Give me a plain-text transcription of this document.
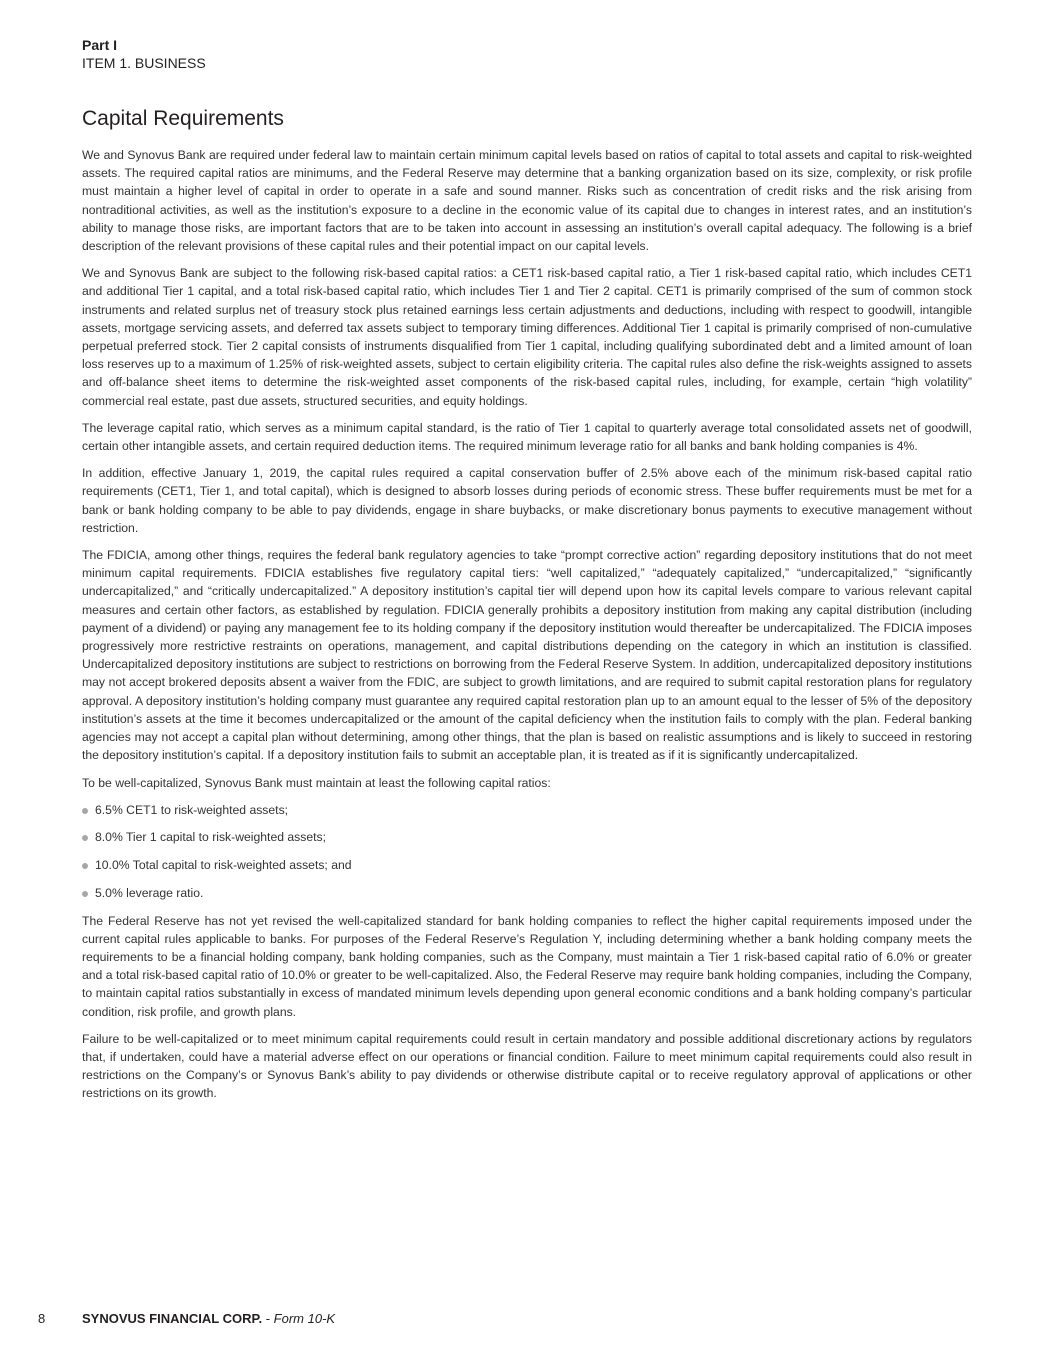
Part I
ITEM 1. BUSINESS
Capital Requirements

We and Synovus Bank are required under federal law to maintain certain minimum capital levels based on ratios of capital to total assets and capital to risk-weighted assets. The required capital ratios are minimums, and the Federal Reserve may determine that a banking organization based on its size, complexity, or risk profile must maintain a higher level of capital in order to operate in a safe and sound manner. Risks such as concentration of credit risks and the risk arising from nontraditional activities, as well as the institution’s exposure to a decline in the economic value of its capital due to changes in interest rates, and an institution’s ability to manage those risks, are important factors that are to be taken into account in assessing an institution’s overall capital adequacy. The following is a brief description of the relevant provisions of these capital rules and their potential impact on our capital levels.

We and Synovus Bank are subject to the following risk-based capital ratios: a CET1 risk-based capital ratio, a Tier 1 risk-based capital ratio, which includes CET1 and additional Tier 1 capital, and a total risk-based capital ratio, which includes Tier 1 and Tier 2 capital. CET1 is primarily comprised of the sum of common stock instruments and related surplus net of treasury stock plus retained earnings less certain adjustments and deductions, including with respect to goodwill, intangible assets, mortgage servicing assets, and deferred tax assets subject to temporary timing differences. Additional Tier 1 capital is primarily comprised of non-cumulative perpetual preferred stock. Tier 2 capital consists of instruments disqualified from Tier 1 capital, including qualifying subordinated debt and a limited amount of loan loss reserves up to a maximum of 1.25% of risk-weighted assets, subject to certain eligibility criteria. The capital rules also define the risk-weights assigned to assets and off-balance sheet items to determine the risk-weighted asset components of the risk-based capital rules, including, for example, certain “high volatility” commercial real estate, past due assets, structured securities, and equity holdings.

The leverage capital ratio, which serves as a minimum capital standard, is the ratio of Tier 1 capital to quarterly average total consolidated assets net of goodwill, certain other intangible assets, and certain required deduction items. The required minimum leverage ratio for all banks and bank holding companies is 4%.

In addition, effective January 1, 2019, the capital rules required a capital conservation buffer of 2.5% above each of the minimum risk-based capital ratio requirements (CET1, Tier 1, and total capital), which is designed to absorb losses during periods of economic stress. These buffer requirements must be met for a bank or bank holding company to be able to pay dividends, engage in share buybacks, or make discretionary bonus payments to executive management without restriction.

The FDICIA, among other things, requires the federal bank regulatory agencies to take “prompt corrective action” regarding depository institutions that do not meet minimum capital requirements. FDICIA establishes five regulatory capital tiers: “well capitalized,” “adequately capitalized,” “undercapitalized,” “significantly undercapitalized,” and “critically undercapitalized.” A depository institution’s capital tier will depend upon how its capital levels compare to various relevant capital measures and certain other factors, as established by regulation. FDICIA generally prohibits a depository institution from making any capital distribution (including payment of a dividend) or paying any management fee to its holding company if the depository institution would thereafter be undercapitalized. The FDICIA imposes progressively more restrictive restraints on operations, management, and capital distributions depending on the category in which an institution is classified. Undercapitalized depository institutions are subject to restrictions on borrowing from the Federal Reserve System. In addition, undercapitalized depository institutions may not accept brokered deposits absent a waiver from the FDIC, are subject to growth limitations, and are required to submit capital restoration plans for regulatory approval. A depository institution’s holding company must guarantee any required capital restoration plan up to an amount equal to the lesser of 5% of the depository institution’s assets at the time it becomes undercapitalized or the amount of the capital deficiency when the institution fails to comply with the plan. Federal banking agencies may not accept a capital plan without determining, among other things, that the plan is based on realistic assumptions and is likely to succeed in restoring the depository institution’s capital. If a depository institution fails to submit an acceptable plan, it is treated as if it is significantly undercapitalized.

To be well-capitalized, Synovus Bank must maintain at least the following capital ratios:

6.5% CET1 to risk-weighted assets;
8.0% Tier 1 capital to risk-weighted assets;
10.0% Total capital to risk-weighted assets; and
5.0% leverage ratio.

The Federal Reserve has not yet revised the well-capitalized standard for bank holding companies to reflect the higher capital requirements imposed under the current capital rules applicable to banks. For purposes of the Federal Reserve’s Regulation Y, including determining whether a bank holding company meets the requirements to be a financial holding company, bank holding companies, such as the Company, must maintain a Tier 1 risk-based capital ratio of 6.0% or greater and a total risk-based capital ratio of 10.0% or greater to be well-capitalized. Also, the Federal Reserve may require bank holding companies, including the Company, to maintain capital ratios substantially in excess of mandated minimum levels depending upon general economic conditions and a bank holding company’s particular condition, risk profile, and growth plans.

Failure to be well-capitalized or to meet minimum capital requirements could result in certain mandatory and possible additional discretionary actions by regulators that, if undertaken, could have a material adverse effect on our operations or financial condition. Failure to meet minimum capital requirements could also result in restrictions on the Company’s or Synovus Bank’s ability to pay dividends or otherwise distribute capital or to receive regulatory approval of applications or other restrictions on its growth.

8	SYNOVUS FINANCIAL CORP. - Form 10-K
